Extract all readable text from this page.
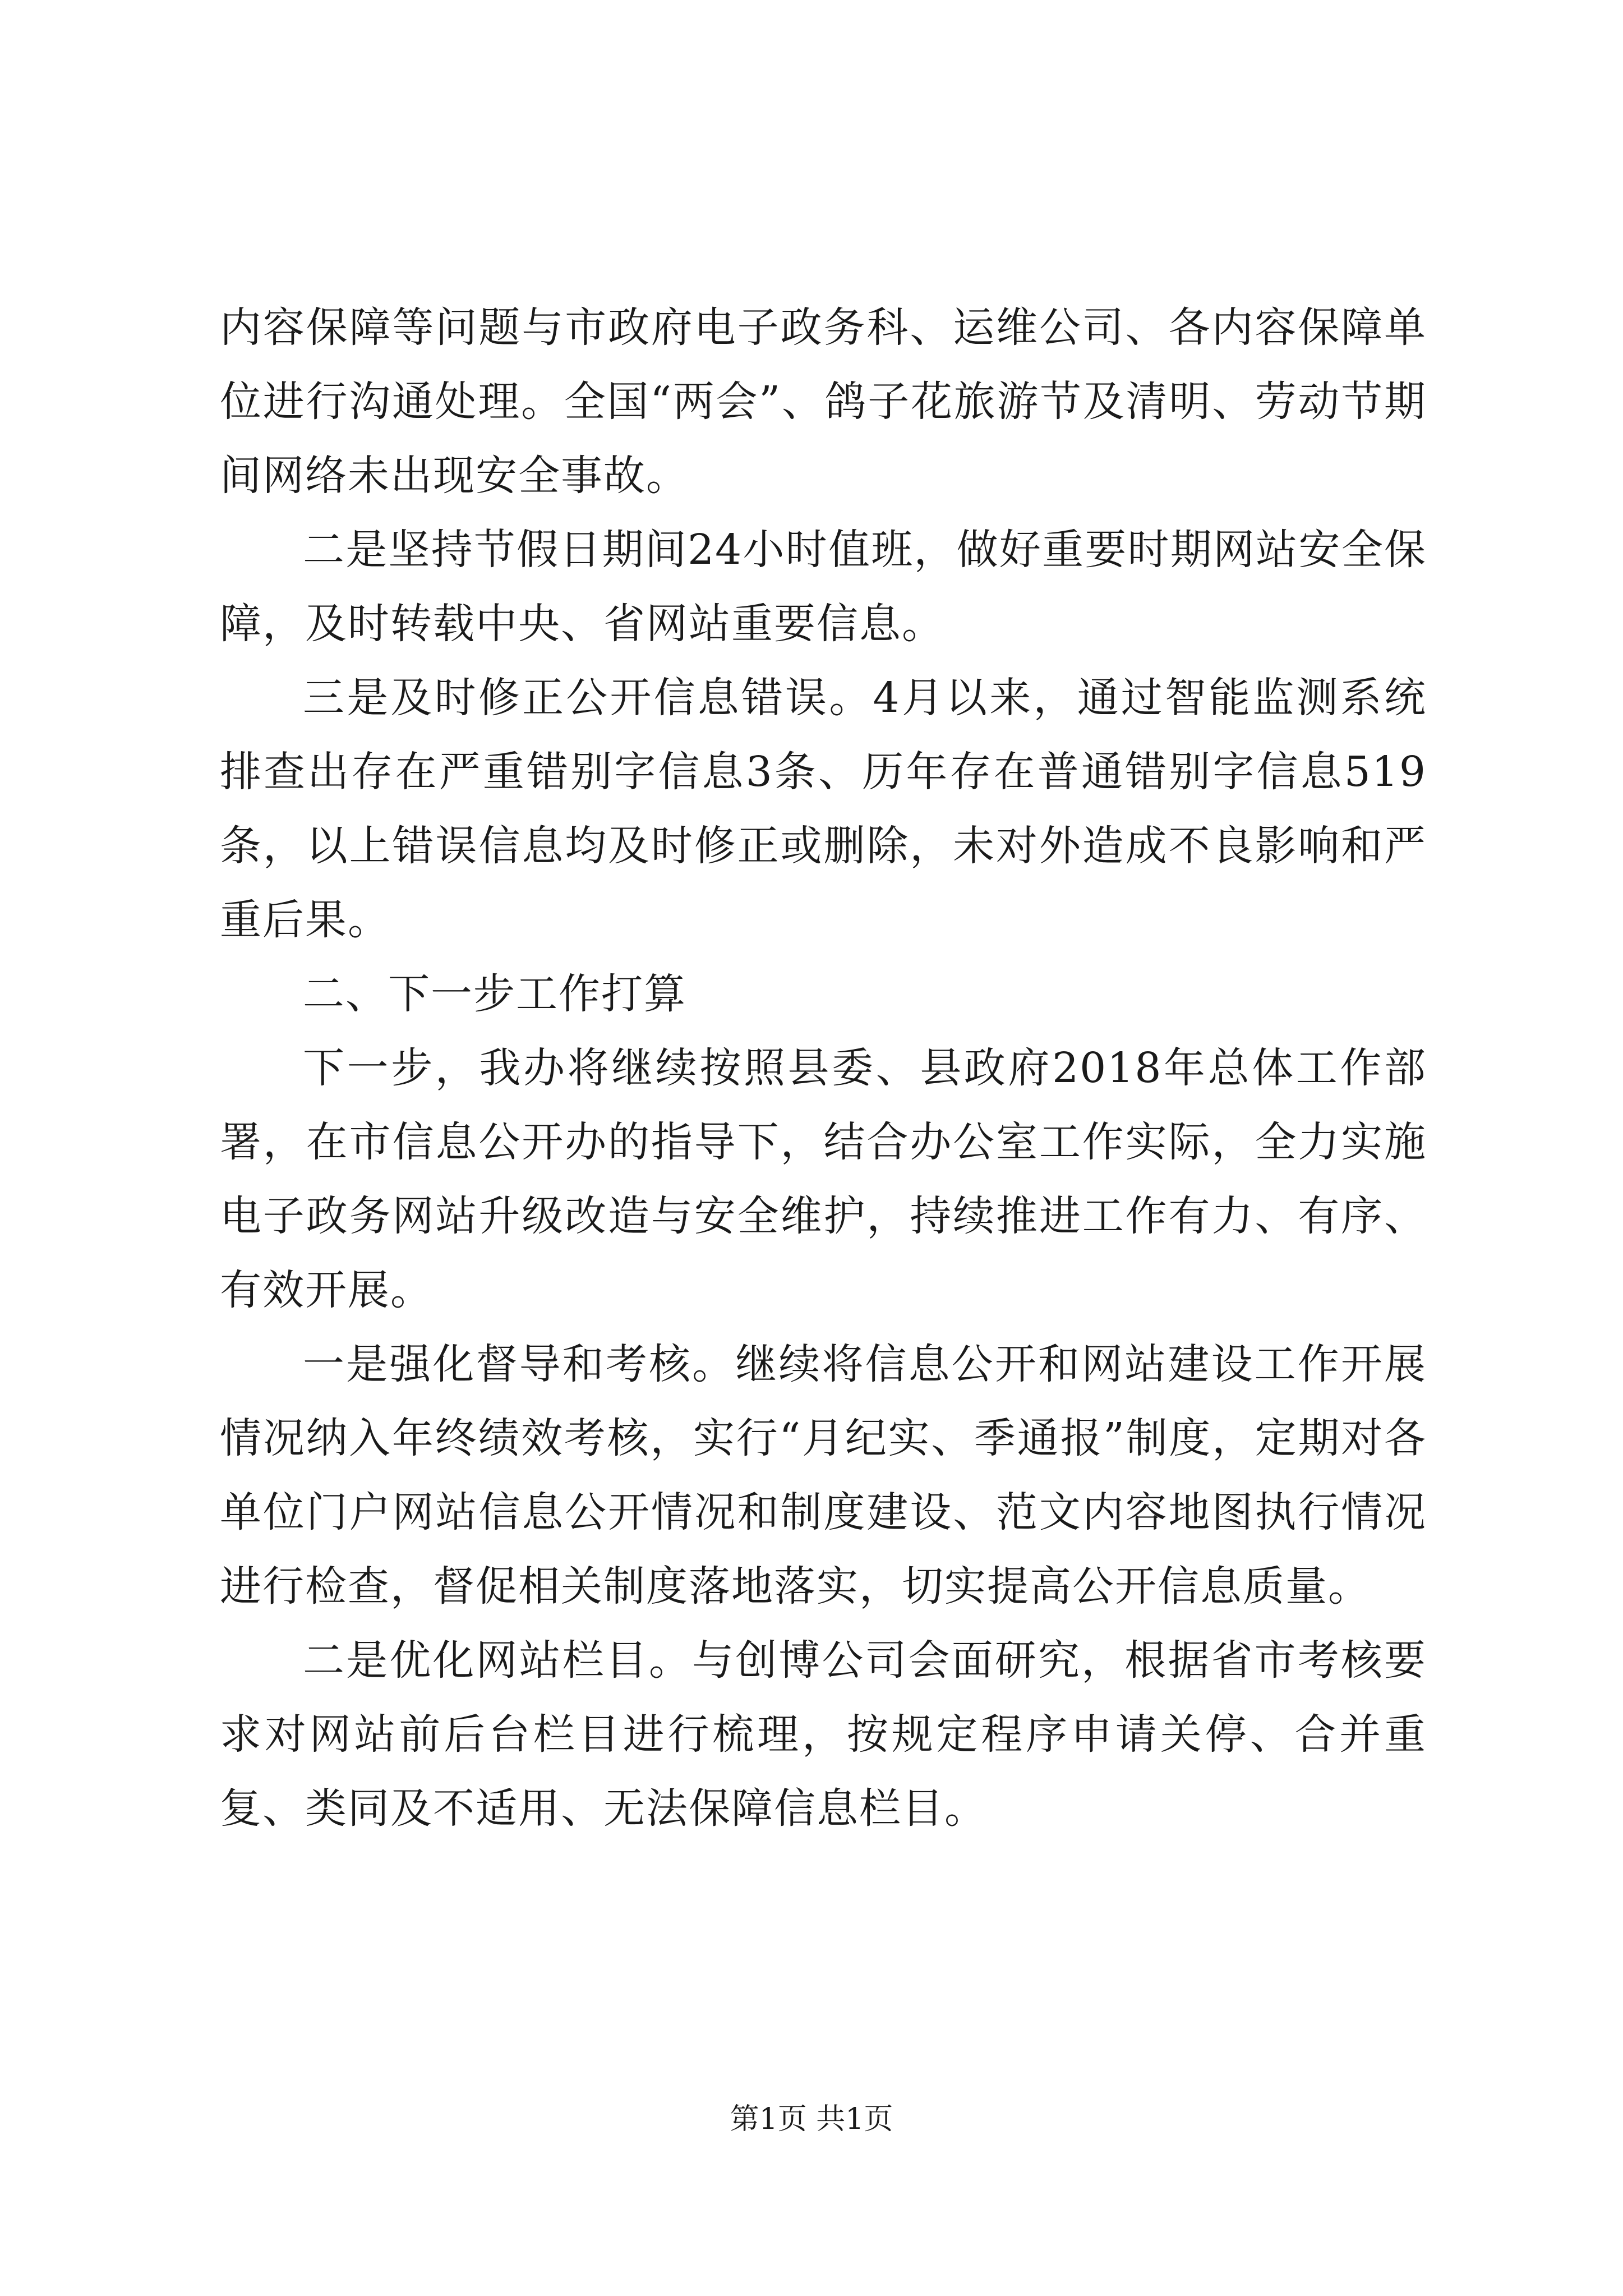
内容保障等问题与市政府电子政务科、运维公司、各内容保障单位进行沟通处理。全国“两会”、鸽子花旅游节及清明、劳动节期间网络未出现安全事故。

二是坚持节假日期间24小时值班，做好重要时期网站安全保障，及时转载中央、省网站重要信息。

三是及时修正公开信息错误。4月以来，通过智能监测系统排查出存在严重错别字信息3条、历年存在普通错别字信息519条，以上错误信息均及时修正或删除，未对外造成不良影响和严重后果。

二、下一步工作打算

下一步，我办将继续按照县委、县政府2018年总体工作部署，在市信息公开办的指导下，结合办公室工作实际，全力实施电子政务网站升级改造与安全维护，持续推进工作有力、有序、有效开展。

一是强化督导和考核。继续将信息公开和网站建设工作开展情况纳入年终绩效考核，实行“月纪实、季通报”制度，定期对各单位门户网站信息公开情况和制度建设、范文内容地图执行情况进行检查，督促相关制度落地落实，切实提高公开信息质量。

二是优化网站栏目。与创博公司会面研究，根据省市考核要求对网站前后台栏目进行梳理，按规定程序申请关停、合并重复、类同及不适用、无法保障信息栏目。

第1页 共1页
